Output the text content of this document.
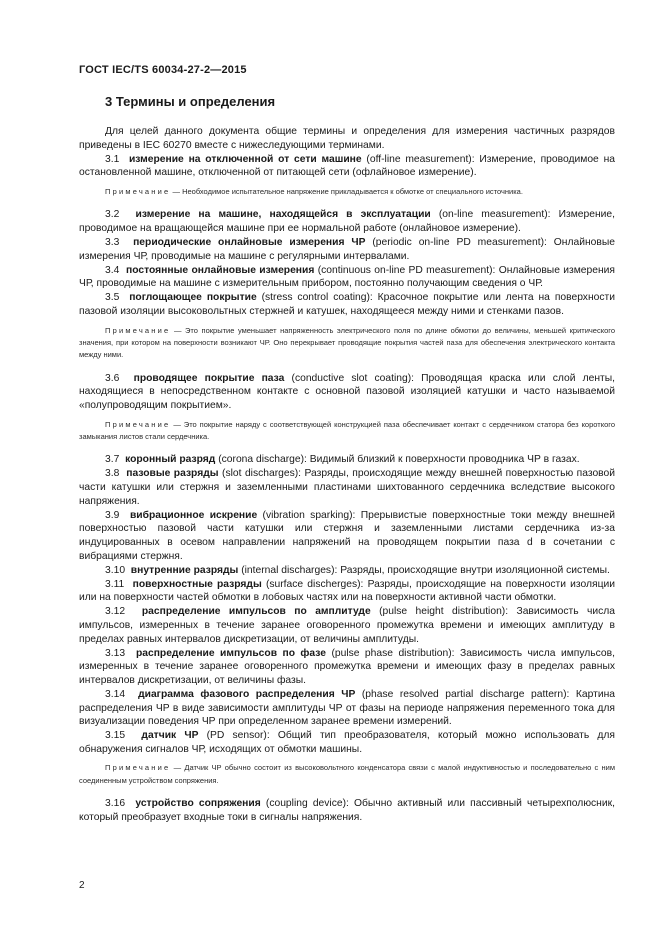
ГОСТ IEC/TS 60034-27-2—2015
3 Термины и определения

Для целей данного документа общие термины и определения для измерения частичных разрядов приведены в IEC 60270 вместе с нижеследующими терминами.

3.1 измерение на отключенной от сети машине (off-line measurement): Измерение, проводимое на остановленной машине, отключенной от питающей сети (офлайновое измерение).

Примечание — Необходимое испытательное напряжение прикладывается к обмотке от специального источника.

3.2 измерение на машине, находящейся в эксплуатации (on-line measurement): Измерение, проводимое на вращающейся машине при ее нормальной работе (онлайновое измерение).

3.3 периодические онлайновые измерения ЧР (periodic on-line PD measurement): Онлайновые измерения ЧР, проводимые на машине с регулярными интервалами.

3.4 постоянные онлайновые измерения (continuous on-line PD measurement): Онлайновые измерения ЧР, проводимые на машине с измерительным прибором, постоянно получающим сведения о ЧР.

3.5 поглощающее покрытие (stress control coating): Красочное покрытие или лента на поверхности пазовой изоляции высоковольтных стержней и катушек, находящееся между ними и стенками пазов.

Примечание — Это покрытие уменьшает напряженность электрического поля по длине обмотки до величины, меньшей критического значения, при котором на поверхности возникают ЧР. Оно перекрывает проводящие покрытия частей паза для обеспечения электрического контакта между ними.

3.6 проводящее покрытие паза (conductive slot coating): Проводящая краска или слой ленты, находящиеся в непосредственном контакте с основной пазовой изоляцией катушки и часто называемой «полупроводящим покрытием».

Примечание — Это покрытие наряду с соответствующей конструкцией паза обеспечивает контакт с сердечником статора без короткого замыкания листов стали сердечника.

3.7 коронный разряд (corona discharge): Видимый близкий к поверхности проводника ЧР в газах.

3.8 пазовые разряды (slot discharges): Разряды, происходящие между внешней поверхностью пазовой части катушки или стержня и заземленными пластинами шихтованного сердечника вследствие высокого напряжения.

3.9 вибрационное искрение (vibration sparking): Прерывистые поверхностные токи между внешней поверхностью пазовой части катушки или стержня и заземленными листами сердечника из-за индуцированных в осевом направлении напряжений на проводящем покрытии паза d в сочетании с вибрациями стержня.

3.10 внутренние разряды (internal discharges): Разряды, происходящие внутри изоляционной системы.

3.11 поверхностные разряды (surface discherges): Разряды, происходящие на поверхности изоляции или на поверхности частей обмотки в лобовых частях или на поверхности активной части обмотки.

3.12 распределение импульсов по амплитуде (pulse height distribution): Зависимость числа импульсов, измеренных в течение заранее оговоренного промежутка времени и имеющих амплитуду в пределах равных интервалов дискретизации, от величины амплитуды.

3.13 распределение импульсов по фазе (pulse phase distribution): Зависимость числа импульсов, измеренных в течение заранее оговоренного промежутка времени и имеющих фазу в пределах равных интервалов дискретизации, от величины фазы.

3.14 диаграмма фазового распределения ЧР (phase resolved partial discharge pattern): Картина распределения ЧР в виде зависимости амплитуды ЧР от фазы на периоде напряжения переменного тока для визуализации поведения ЧР при определенном заранее времени измерений.

3.15 датчик ЧР (PD sensor): Общий тип преобразователя, который можно использовать для обнаружения сигналов ЧР, исходящих от обмотки машины.

Примечание — Датчик ЧР обычно состоит из высоковольтного конденсатора связи с малой индуктивностью и последовательно с ним соединенным устройством сопряжения.

3.16 устройство сопряжения (coupling device): Обычно активный или пассивный четырехполюсник, который преобразует входные токи в сигналы напряжения.

2
